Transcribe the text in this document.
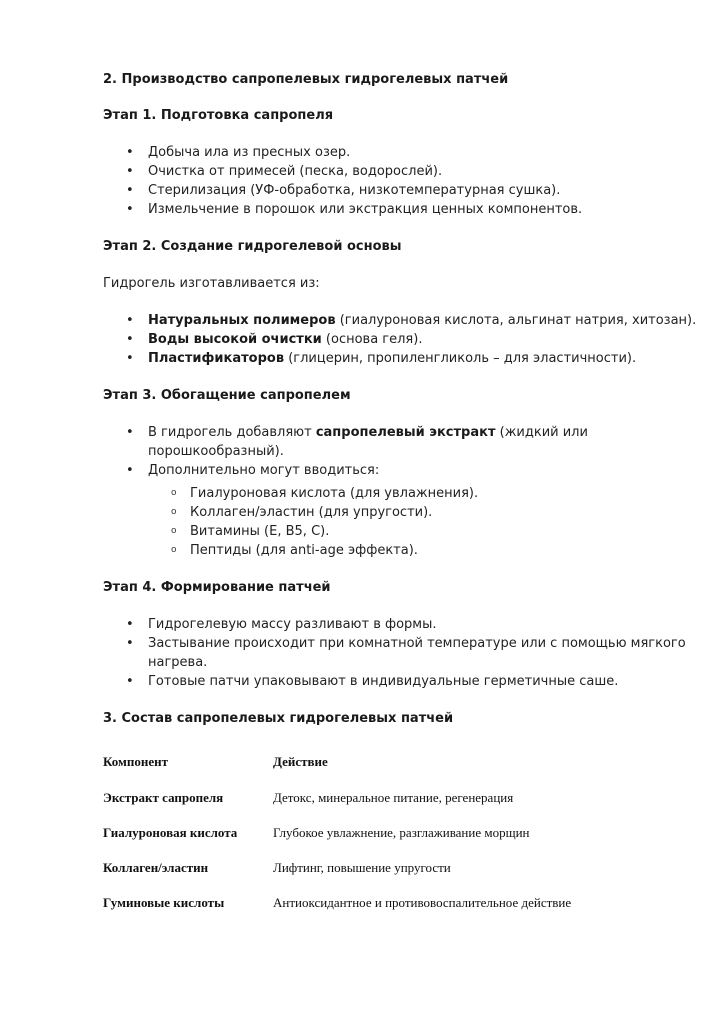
2. Производство сапропелевых гидрогелевых патчей
Этап 1. Подготовка сапропеля
• Добыча ила из пресных озер.
• Очистка от примесей (песка, водорослей).
• Стерилизация (УФ-обработка, низкотемпературная сушка).
• Измельчение в порошок или экстракция ценных компонентов.
Этап 2. Создание гидрогелевой основы
Гидрогель изготавливается из:
• Натуральных полимеров (гиалуроновая кислота, альгинат натрия, хитозан).
• Воды высокой очистки (основа геля).
• Пластификаторов (глицерин, пропиленгликоль – для эластичности).
Этап 3. Обогащение сапропелем
• В гидрогель добавляют сапропелевый экстракт (жидкий или
порошкообразный).
• Дополнительно могут вводиться:
o Гиалуроновая кислота (для увлажнения).
o Коллаген/эластин (для упругости).
o Витамины (E, B5, C).
o Пептиды (для anti-age эффекта).
Этап 4. Формирование патчей
• Гидрогелевую массу разливают в формы.
• Застывание происходит при комнатной температуре или с помощью мягкого
нагрева.
• Готовые патчи упаковывают в индивидуальные герметичные саше.
3. Состав сапропелевых гидрогелевых патчей
Компонент	Действие
Экстракт сапропеля	Детокс, минеральное питание, регенерация
Гиалуроновая кислота	Глубокое увлажнение, разглаживание морщин
Коллаген/эластин	Лифтинг, повышение упругости
Гуминовые кислоты	Антиоксидантное и противовоспалительное действие
